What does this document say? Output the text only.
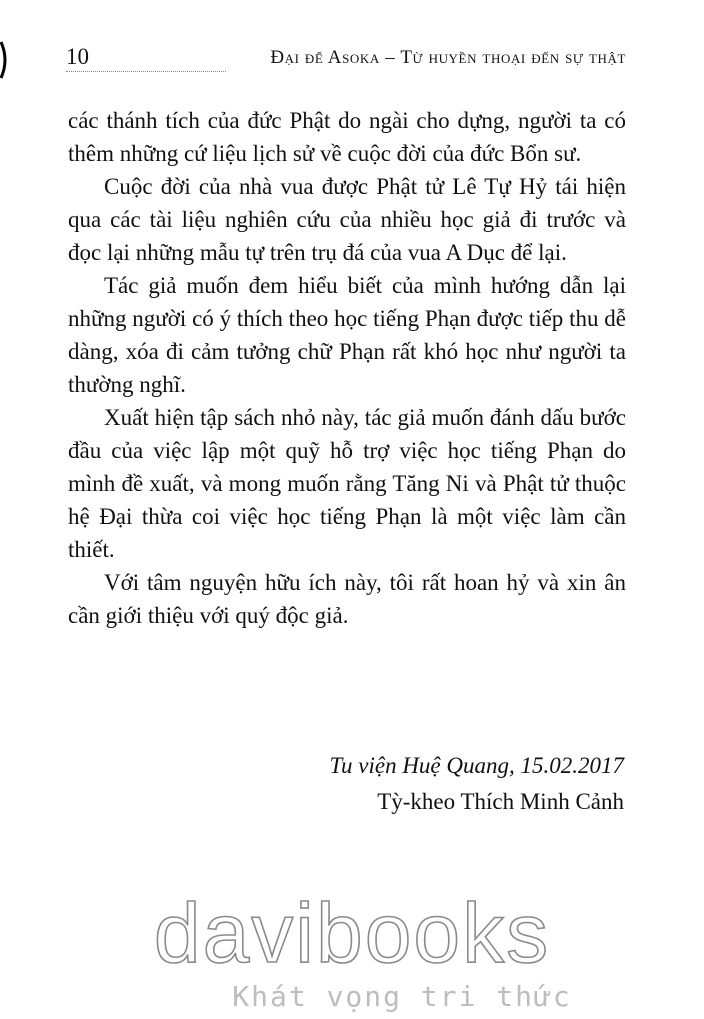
10	Đại đế Asoka – Từ huyền thoại đến sự thật

các thánh tích của đức Phật do ngài cho dựng, người ta có thêm những cứ liệu lịch sử về cuộc đời của đức Bổn sư.

Cuộc đời của nhà vua được Phật tử Lê Tự Hỷ tái hiện qua các tài liệu nghiên cứu của nhiều học giả đi trước và đọc lại những mẫu tự trên trụ đá của vua A Dục để lại.

Tác giả muốn đem hiểu biết của mình hướng dẫn lại những người có ý thích theo học tiếng Phạn được tiếp thu dễ dàng, xóa đi cảm tưởng chữ Phạn rất khó học như người ta thường nghĩ.

Xuất hiện tập sách nhỏ này, tác giả muốn đánh dấu bước đầu của việc lập một quỹ hỗ trợ việc học tiếng Phạn do mình đề xuất, và mong muốn rằng Tăng Ni và Phật tử thuộc hệ Đại thừa coi việc học tiếng Phạn là một việc làm cần thiết.

Với tâm nguyện hữu ích này, tôi rất hoan hỷ và xin ân cần giới thiệu với quý độc giả.

Tu viện Huệ Quang, 15.02.2017
Tỳ-kheo Thích Minh Cảnh
davibooks
Khát vọng tri thức
